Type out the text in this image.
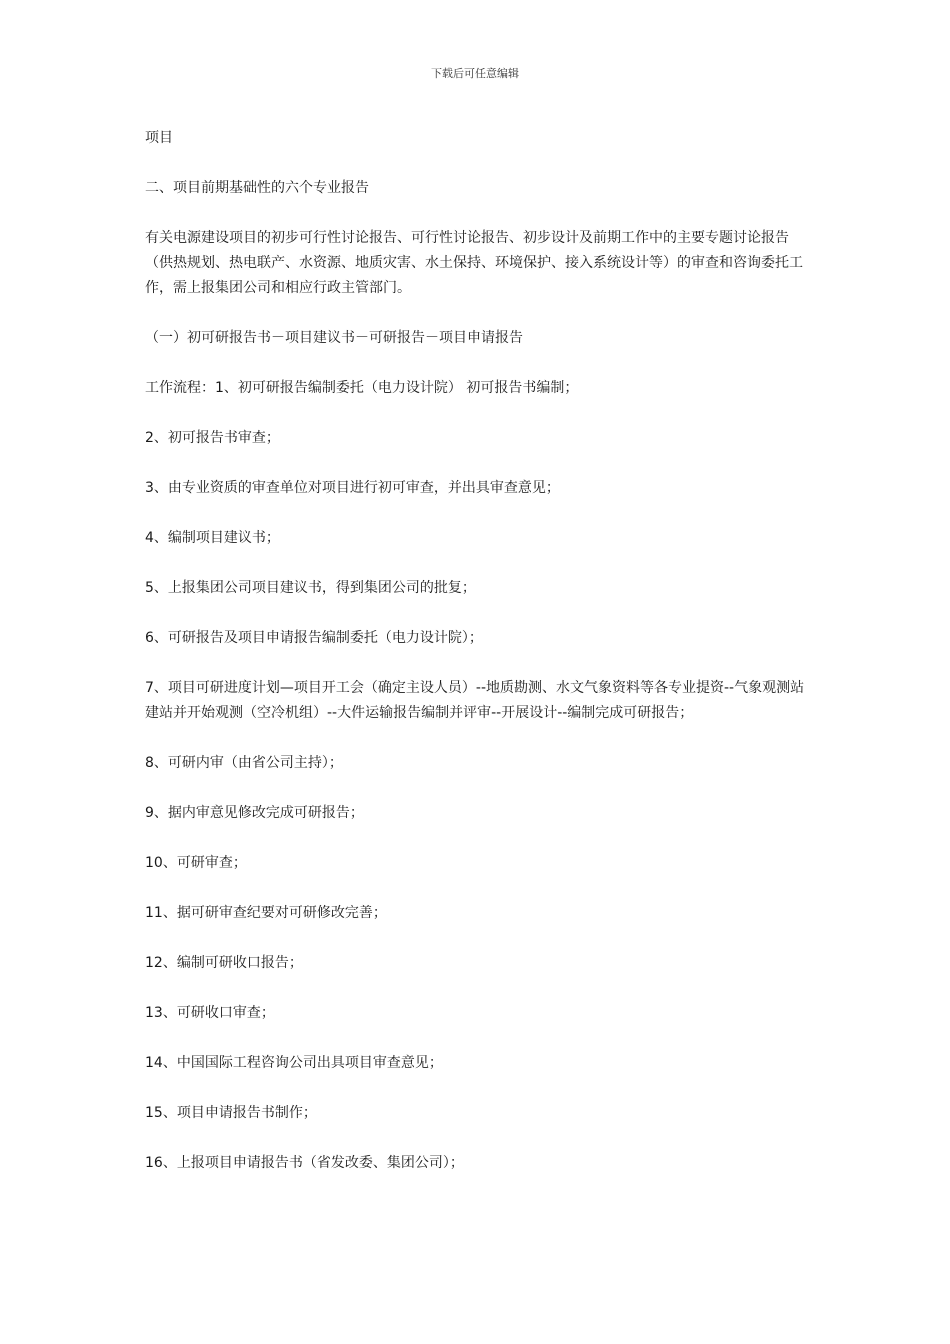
下载后可任意编辑

项目

二、项目前期基础性的六个专业报告

有关电源建设项目的初步可行性讨论报告、可行性讨论报告、初步设计及前期工作中的主要专题讨论报告（供热规划、热电联产、水资源、地质灾害、水土保持、环境保护、接入系统设计等）的审查和咨询委托工作，需上报集团公司和相应行政主管部门。

（一）初可研报告书－项目建议书－可研报告－项目申请报告

工作流程：1、初可研报告编制委托（电力设计院） 初可报告书编制；

2、初可报告书审查；

3、由专业资质的审查单位对项目进行初可审查，并出具审查意见；

4、编制项目建议书；

5、上报集团公司项目建议书，得到集团公司的批复；

6、可研报告及项目申请报告编制委托（电力设计院）；

7、项目可研进度计划—项目开工会（确定主设人员）--地质勘测、水文气象资料等各专业提资--气象观测站建站并开始观测（空冷机组）--大件运输报告编制并评审--开展设计--编制完成可研报告；

8、可研内审（由省公司主持）；

9、据内审意见修改完成可研报告；

10、可研审查；

11、据可研审查纪要对可研修改完善；

12、编制可研收口报告；

13、可研收口审查；

14、中国国际工程咨询公司出具项目审查意见；

15、项目申请报告书制作；

16、上报项目申请报告书（省发改委、集团公司）；
